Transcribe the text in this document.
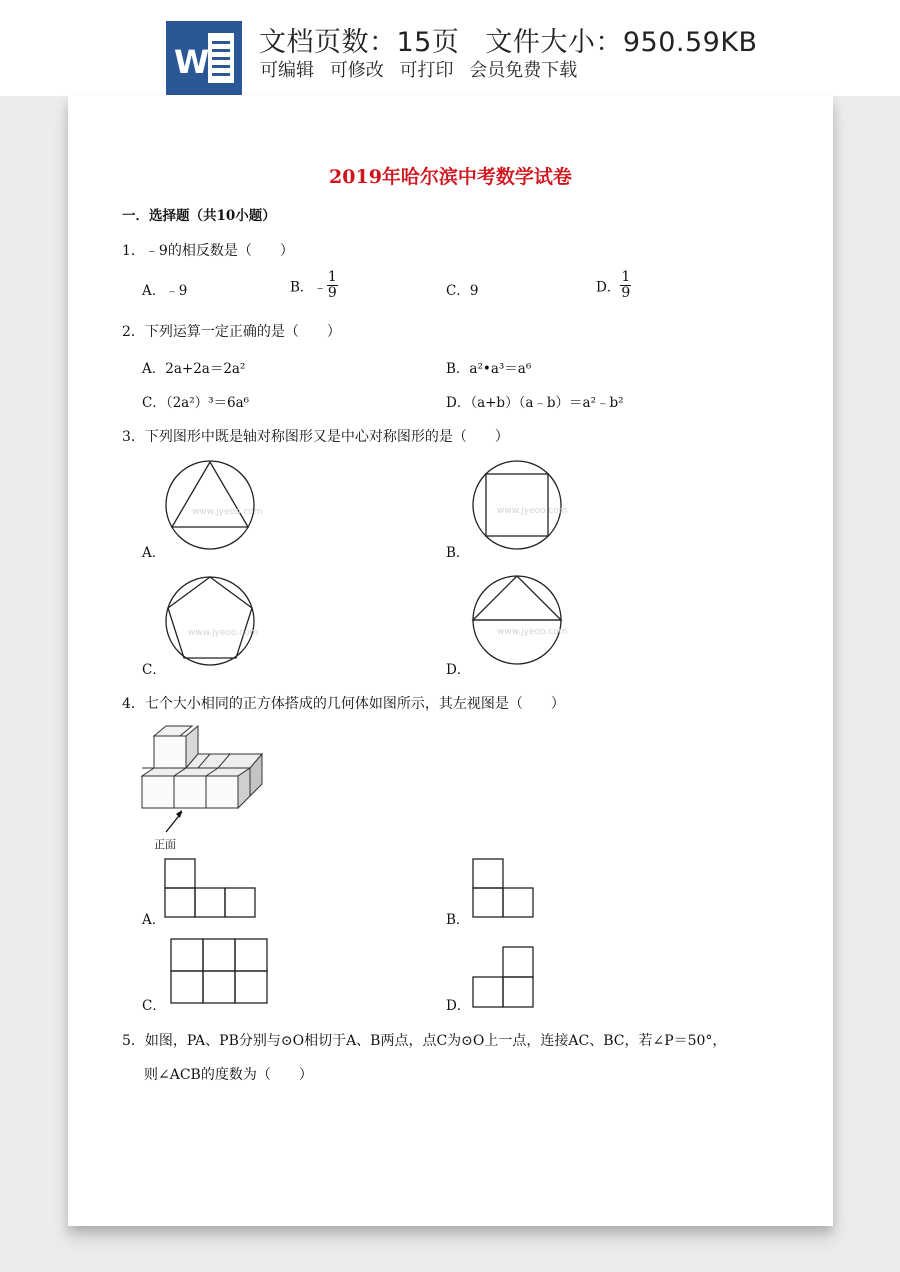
W
文档页数：15页 文件大小：950.59KB
可编辑 可修改 可打印 会员免费下载
2019年哈尔滨中考数学试卷
一．选择题（共10小题）
1．﹣9的相反数是（　　）
A．﹣9	B．﹣ $\frac{1}{9}$	C．9	D． $\frac{1}{9}$
2．下列运算一定正确的是（　　）
A．2a+2a＝2a²	B．a²•a³＝a⁶
C．（2a²）³＝6a⁶	D．（a+b）（a﹣b）＝a²﹣b²
3．下列图形中既是轴对称图形又是中心对称图形的是（　　）
www.jyeoo.com
A．
www.jyeoo.com
B．
www.jyeoo.com
C．
www.jyeoo.com
D．
4．七个大小相同的正方体搭成的几何体如图所示，其左视图是（　　）
正面
A．	B．
C．	D．
5．如图，PA、PB分别与⊙O相切于A、B两点，点C为⊙O上一点，连接AC、BC，若∠P＝50°，
则∠ACB的度数为（　　）
